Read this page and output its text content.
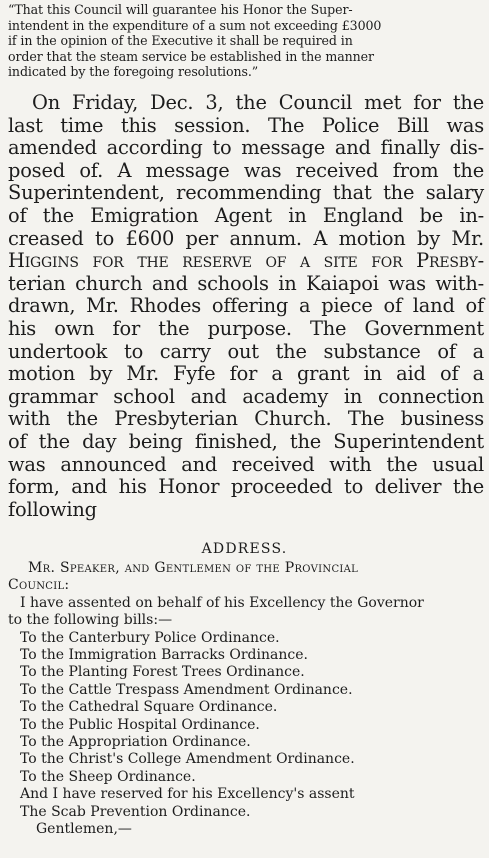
“That this Council will guarantee his Honor the Super-
intendent in the expenditure of a sum not exceeding £3000
if in the opinion of the Executive it shall be required in
order that the steam service be established in the manner
indicated by the foregoing resolutions.”
On Friday, Dec. 3, the Council met for the
last time this session. The Police Bill was
amended according to message and finally dis-
posed of. A message was received from the
Superintendent, recommending that the salary
of the Emigration Agent in England be in-
creased to £600 per annum. A motion by Mr.
Higgins for the reserve of a site for Presby-
terian church and schools in Kaiapoi was with-
drawn, Mr. Rhodes offering a piece of land of
his own for the purpose. The Government
undertook to carry out the substance of a
motion by Mr. Fyfe for a grant in aid of a
grammar school and academy in connection
with the Presbyterian Church. The business
of the day being finished, the Superintendent
was announced and received with the usual
form, and his Honor proceeded to deliver the
following
ADDRESS.
Mr. Speaker, and Gentlemen of the Provincial
Council:
I have assented on behalf of his Excellency the Governor
to the following bills:—
To the Canterbury Police Ordinance.
To the Immigration Barracks Ordinance.
To the Planting Forest Trees Ordinance.
To the Cattle Trespass Amendment Ordinance.
To the Cathedral Square Ordinance.
To the Public Hospital Ordinance.
To the Appropriation Ordinance.
To the Christ's College Amendment Ordinance.
To the Sheep Ordinance.
And I have reserved for his Excellency's assent
The Scab Prevention Ordinance.
Gentlemen,—
